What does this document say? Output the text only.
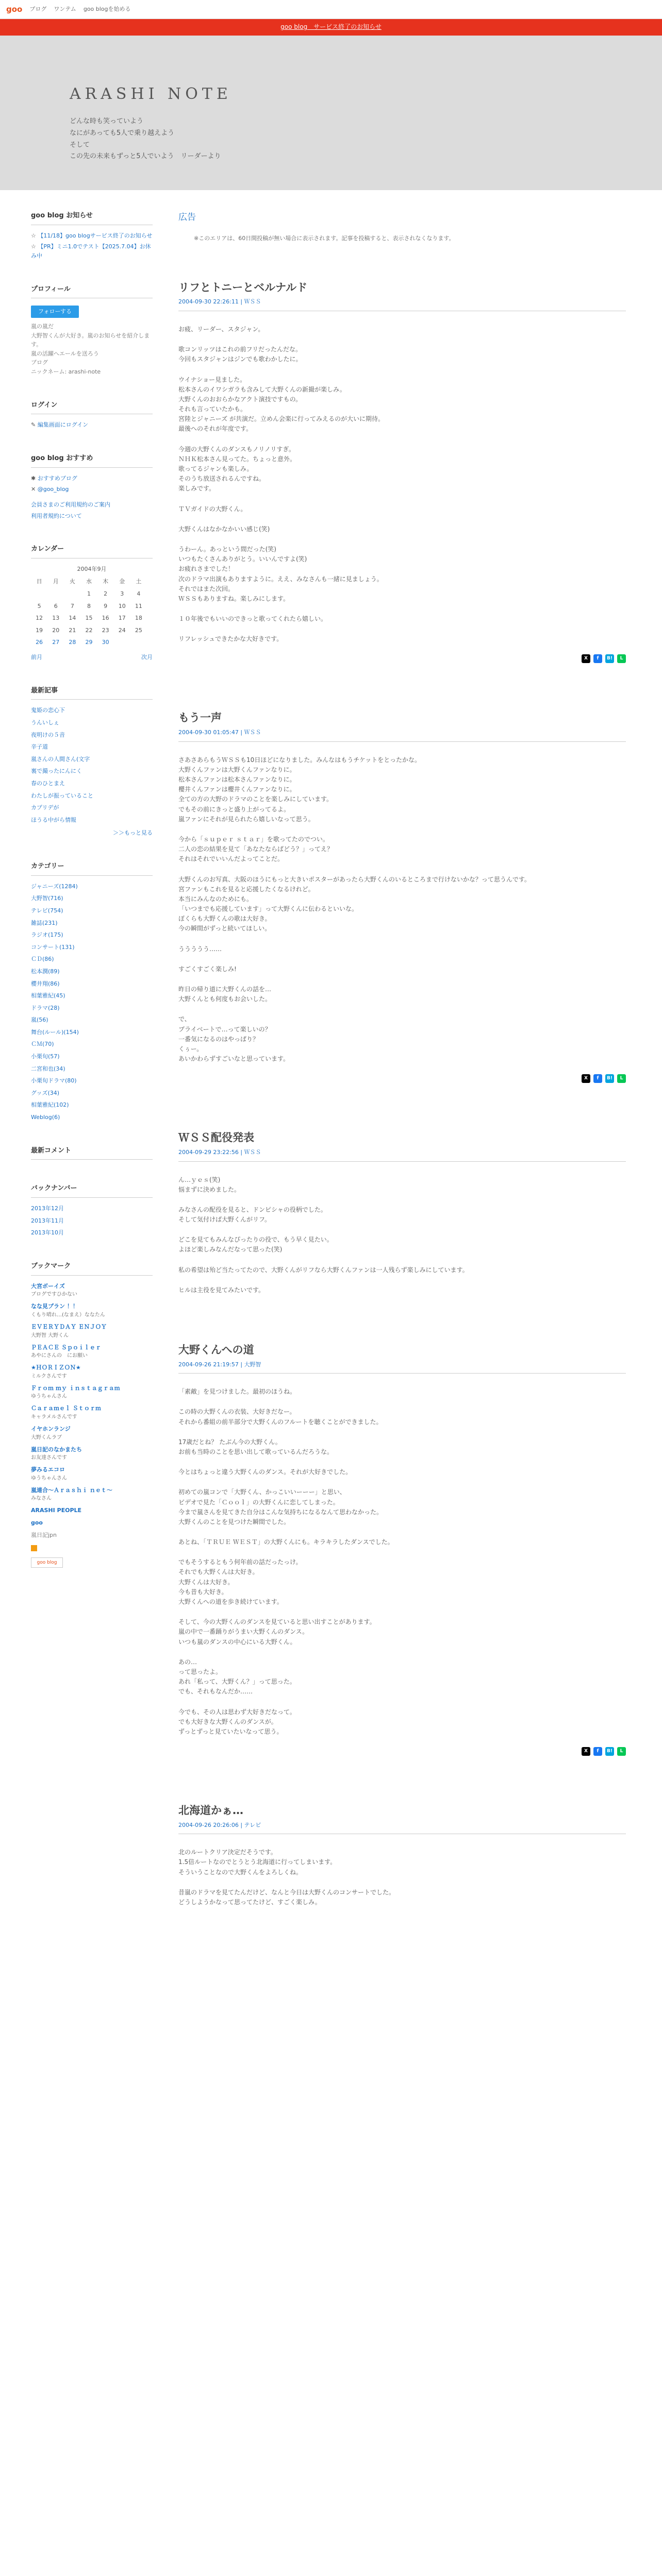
goo ブログ ワンテム goo blogを始める
goo blog　サービス終了のお知らせ
ARASHI NOTE
どんな時も笑っていよう
なにがあっても5人で乗り越えよう
そして
この先の未来もずっと5人でいよう　リーダーより
goo blog お知らせ
☆ 【11/18】goo blogサービス終了のお知らせ
☆ 【PR】ミニ1.0でテスト【2025.7.04】お休み中
プロフィール
フォローする
嵐の嵐だ
大野智くんが大好き。嵐のお知らせを紹介します。
嵐の活躍へエールを送ろう
ブログ
ニックネーム: arashi-note
ログイン
✎ 編集画面にログイン
goo blog おすすめ
✱ おすすめブログ
✕ @goo_blog
会員さまのご利用規約のご案内
利用者規約について
カレンダー
2004年9月
日	月	火	水	木	金	土
			1	2	3	4
5	6	7	8	9	10	11
12	13	14	15	16	17	18
19	20	21	22	23	24	25
26	27	28	29	30		
前月	次月
最新記事
鬼姫の恋心下
うんいしぇ
夜明けの５音
辛子道
嵐さんの人間さん(文字
裏で撮ったにんにく
春のひとまえ
わたしが振っていること
カプリデが
ほうる中がら情報
＞＞もっと見る
カテゴリー
ジャニーズ(1284)
大野智(716)
テレビ(754)
雑誌(231)
ラジオ(175)
コンサート(131)
ＣＤ(86)
松本潤(89)
櫻井翔(86)
相葉雅紀(45)
ドラマ(28)
嵐(56)
舞台(ルール)(154)
ＣＭ(70)
小栗旬(57)
二宮和也(34)
小栗旬ドラマ(80)
グッズ(34)
相葉雅紀(102)
Weblog(6)
最新コメント
バックナンバー
2013年12月
2013年11月
2013年10月
ブックマーク
大宮ボーイズ
ブログですひかない
なな見プラン ！！
くもり晴れ…(なまえ）ななたん
ＥＶＥＲＹＤＡＹ ＥＮＪＯＹ
大野智 大野くん
ＰＥＡＣＥ Ｓｐｏｉｌｅｒ
あやにさんの　にお願い
★ＨＯＲＩＺＯＮ★
ミルクさんです
Ｆｒｏｍ ｍｙ ｉｎｓｔａｇｒａｍ
ゆうちゃんさん
Ｃａｒａｍｅｌ Ｓｔｏｒｍ
キャラメルさんです
イヤホンランジ
大野くんラブ
嵐日記のなかまたち
お友達さんです
夢みるエコロ
ゆうちゃんさん
嵐連合～Ａｒａｓｈｉ ｎｅｔ～
みなさん
ARASHI PEOPLE
goo
嵐日記jpn
goo blog
広告
※このエリアは、60日間投稿が無い場合に表示されます。記事を投稿すると、表示されなくなります。
リフとトニーとベルナルド
2004-09-30 22:26:11 | ＷＳＳ

お疲、リーダー、スタジャン。

歌コンリッツはこれの前フリだったんだな。
今回もスタジャンはジンでも歌わかしたに。

ウイナショー見ました。
松本さんのイワシガラも含みして大野くんの新撮が楽しみ。
大野くんのおおらかなアクト演技ですもの。
それも言っていたかも。
宮陸とジャニーズ が共演だ。立めん会楽に行ってみえるのが大いに期待。
最後へのそれが年度です。

今週の大野くんのダンスもノリノリすぎ。
ＮＨＫ松本さん見ってた。ちょっと意外。
歌ってるジャンも楽しみ。
そのうち放送されるんですね。
楽しみです。

ＴＶガイドの大野くん。

大野くんはなかなかいい感じ(笑)

うわーん。あっという間だった(笑)
いつもたくさんありがとう。いいんですよ(笑)
お疲れさまでした！
次のドラマ出演もありますように。ええ、みなさんも一緒に見ましょう。
それではまた次回。
ＷＳＳもありますね。楽しみにします。

１０年後でもいいのできっと歌ってくれたら嬉しい。

リフレッシュできたかな大好きです。

X	f	B!	L
もう一声
2004-09-30 01:05:47 | ＷＳＳ

さあさあらもうＷＳＳも10日ほどになりました。みんなはもうチケットをとったかな。
大野くんファンは大野くんファンなりに。
松本さんファンは松本さんファンなりに。
櫻井くんファンは櫻井くんファンなりに。
全ての方の大野のドラマのことを楽しみにしています。
でもその前にきっと盛り上がってるよ。
嵐ファンにそれが見られたら嬉しいなって思う。

今から「ｓｕｐｅｒ ｓｔａｒ」を歌ってたのでつい。
二人の恋の結果を見て「あなたならばどう？」ってえ？
それはそれでいいんだよってことだ。

大野くんのお写真、大阪のほうにもっと大きいポスターがあったら大野くんのいるところまで行けないかな？って思うんです。
宮ファンもこれを見ると応援したくなるけれど。
本当にみんなのためにも。
「いつまでも応援しています」って大野くんに伝わるといいな。
ぼくらも大野くんの歌は大好き。
今の瞬間がずっと続いてほしい。

ううううう……

すごくすごく楽しみ!

昨日の帰り道に大野くんの話を…
大野くんとも何度もお会いした。

で、
プライベートで…って楽しいの？
一番気になるのはやっぱり？
くぅー。
あいかわらずすごいなと思っています。

X	f	B!	L
ＷＳＳ配役発表
2004-09-29 23:22:56 | ＷＳＳ

ん…ｙｅｓ(笑)
悩まずに決めました。

みなさんの配役を見ると、ドンピシャの役柄でした。
そして気付けば大野くんがリフ。

どこを見てもみんなぴったりの役で、もう早く見たい。
よほど楽しみなんだなって思った(笑)

私の希望は殆ど当たってたので、大野くんがリフなら大野くんファンは一人残らず楽しみにしています。

ヒルは主役を見てみたいです。

大野くんへの道
2004-09-26 21:19:57 | 大野智

「素敵」を見つけました。最初のほうね。

この時の大野くんの衣装、大好きだなー。
それから番組の前半部分で大野くんのフルートを聴くことができました。

17歳だとね？ たぶん今の大野くん。
お前も当時のことを思い出して歌っているんだろうな。

今とはちょっと違う大野くんのダンス。それが大好きでした。

初めての嵐コンで「大野くん、かっこいいーーー」と思い、
ビデオで見た「Ｃｏｏｌ」の大野くんに恋してしまった。
今まで嵐さんを見てきた自分はこんな気持ちになるなんて思わなかった。
大野くんのことを見つけた瞬間でした。

あとね、「ＴＲＵＥ ＷＥＳＴ」の大野くんにも。キラキラしたダンスでした。

でもそうするともう何年前の話だったっけ。
それでも大野くんは大好き。
大野くんは大好き。
今も昔も大好き。
大野くんへの道を歩き続けています。

そして、今の大野くんのダンスを見ていると思い出すことがあります。
嵐の中で一番踊りがうまい大野くんのダンス。
いつも嵐のダンスの中心にいる大野くん。

あの…
って思ったよ。
あれ「私って、大野くん？」って思った。
でも、それもなんだか……

今でも、その人は思わず大好きだなって。
でも大好きな大野くんのダンスが。
ずっとずっと見ていたいなって思う。

X	f	B!	L
北海道かぁ…
2004-09-26 20:26:06 | テレビ

北のルートクリア決定だそうです。
1.5倍ルートなのでとうとう北海道に行ってしまいます。
そういうことなので大野くんをよろしくね。

昔嵐のドラマを見てたんだけど、なんと今日は大野くんのコンサートでした。
どうしようかなって思ってたけど、すごく楽しみ。
